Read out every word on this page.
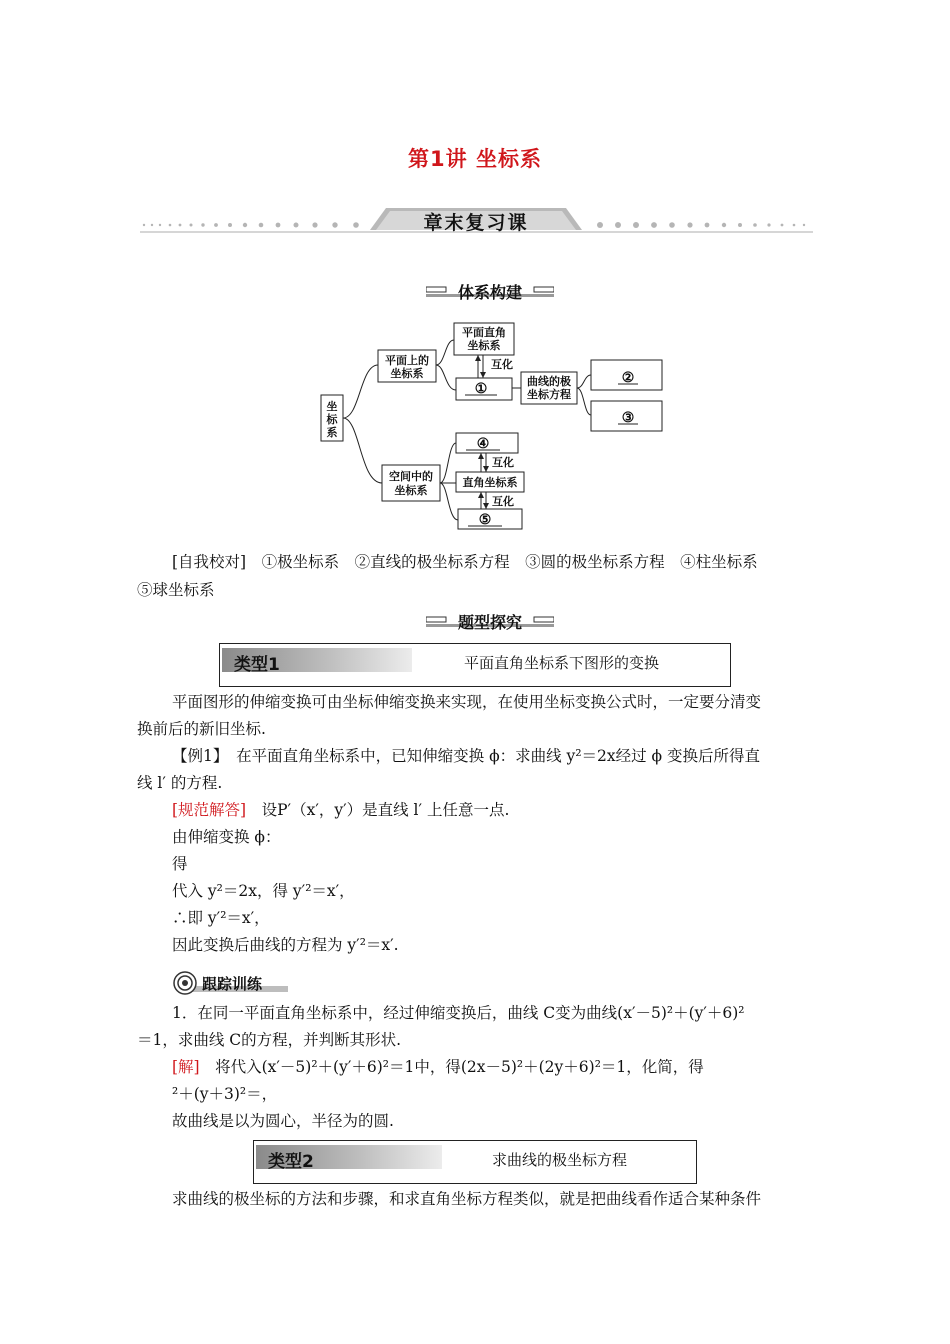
第1讲 坐标系
章末复习课
体系构建
坐
标
系
平面上的
坐标系
平面直角
坐标系
①
互化
曲线的极
坐标方程
②
③
空间中的
坐标系
④
互化
直角坐标系
互化
⑤
[自我校对]　 ①极坐标系　②直线的极坐标系方程　③圆的极坐标系方程　④柱坐标系
⑤球坐标系
题型探究
类型1	平面直角坐标系下图形的变换
平面图形的伸缩变换可由坐标伸缩变换来实现，在使用坐标变换公式时，一定要分清变
换前后的新旧坐标.
【例1】　 在平面直角坐标系中，已知伸缩变换 ϕ：求曲线 y²＝2x经过 ϕ 变换后所得直
线 l′ 的方程.
[规范解答]　 设P′（x′，y′）是直线 l′ 上任意一点.
由伸缩变换 ϕ：
得
代入 y²＝2x，得 y′²＝x′，
∴即 y′²＝x′，
因此变换后曲线的方程为 y′²＝x′.
跟踪训练
1．在同一平面直角坐标系中，经过伸缩变换后，曲线 C变为曲线(x′－5)²＋(y′＋6)²
＝1，求曲线 C的方程，并判断其形状.
[解]　 将代入(x′－5)²＋(y′＋6)²＝1中，得(2x－5)²＋(2y＋6)²＝1，化简，得
²＋(y＋3)²＝，
故曲线是以为圆心，半径为的圆.
类型2	求曲线的极坐标方程
求曲线的极坐标的方法和步骤，和求直角坐标方程类似，就是把曲线看作适合某种条件
